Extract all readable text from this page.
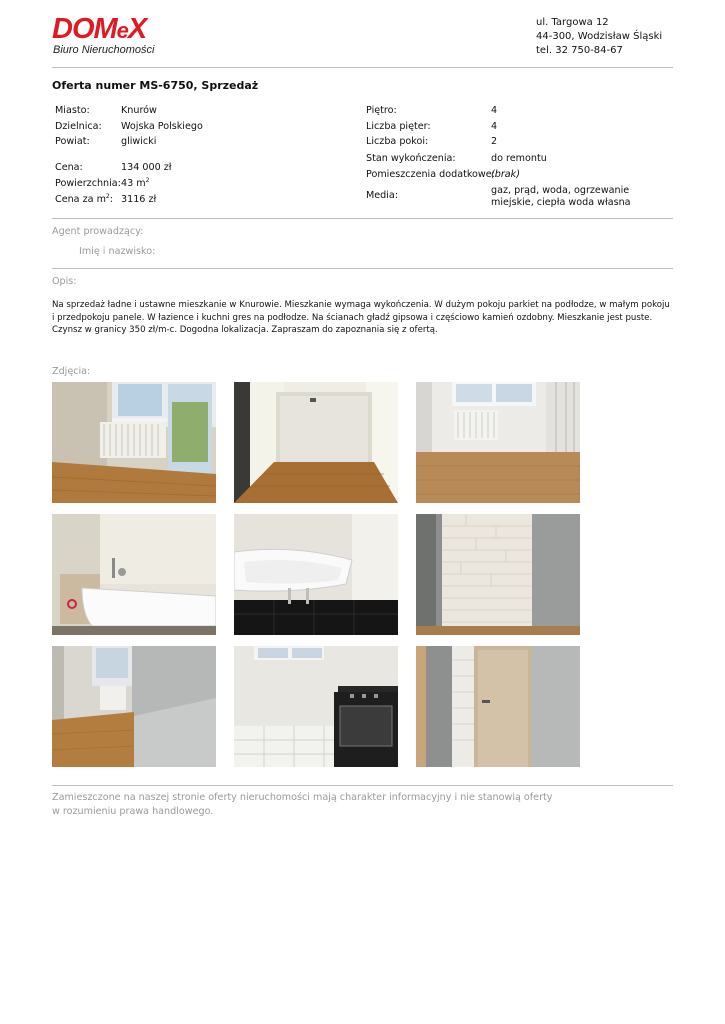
DOMeX
Biuro Nieruchomości
ul. Targowa 12
44-300, Wodzisław Śląski
tel. 32 750-84-67
Oferta numer MS-6750, Sprzedaż
Miasto:	Knurów
Dzielnica: Wojska Polskiego
Powiat:	gliwicki
Cena:	134 000 zł
Powierzchnia: 43 $m^2$
Cena za $m^2$: 3116 zł
Piętro:	4
Liczba pięter:	4
Liczba pokoi:	2
Stan wykończenia:	do remontu
Pomieszczenia dodatkowe:
(brak)
Media:	gaz, prąd, woda, ogrzewanie miejskie, ciepła woda własna
Agent prowadzący:
Imię i nazwisko:
Opis:
Na sprzedaż ładne i ustawne mieszkanie w Knurowie. Mieszkanie wymaga wykończenia. W dużym pokoju parkiet na podłodze, w małym pokoju i przedpokoju panele. W łazience i kuchni gres na podłodze. Na ścianach gładź gipsowa i częściowo kamień ozdobny. Mieszkanie jest puste. Czynsz w granicy 350 zł/m-c. Dogodna lokalizacja. Zapraszam do zapoznania się z ofertą.
Zdjęcia:
Zamieszczone na naszej stronie oferty nieruchomości mają charakter informacyjny i nie stanowią oferty
w rozumieniu prawa handlowego.
